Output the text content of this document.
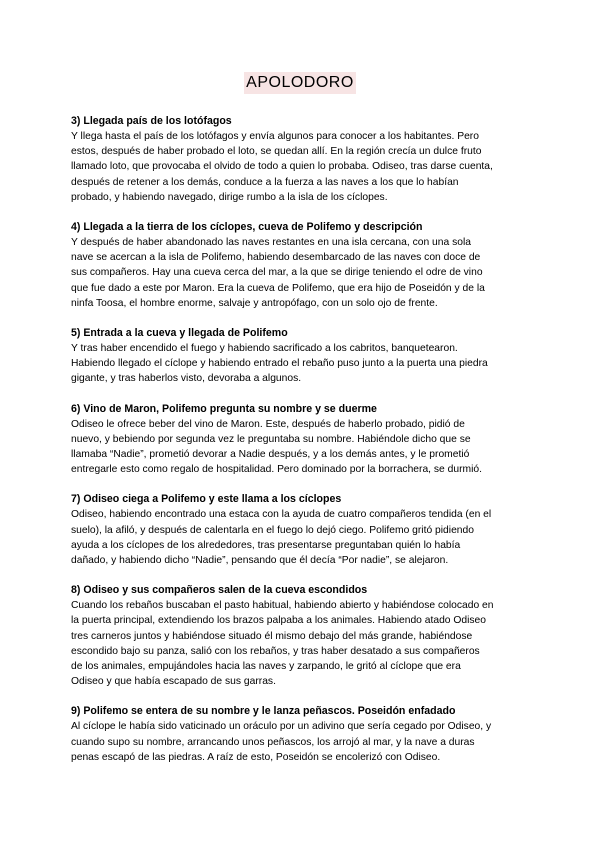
APOLODORO
3) Llegada país de los lotófagos
Y llega hasta el país de los lotófagos y envía algunos para conocer a los habitantes. Pero
estos, después de haber probado el loto, se quedan allí. En la región crecía un dulce fruto
llamado loto, que provocaba el olvido de todo a quien lo probaba. Odiseo, tras darse cuenta,
después de retener a los demás, conduce a la fuerza a las naves a los que lo habían
probado, y habiendo navegado, dirige rumbo a la isla de los cíclopes.
4) Llegada a la tierra de los cíclopes, cueva de Polifemo y descripción
Y después de haber abandonado las naves restantes en una isla cercana, con una sola
nave se acercan a la isla de Polifemo, habiendo desembarcado de las naves con doce de
sus compañeros. Hay una cueva cerca del mar, a la que se dirige teniendo el odre de vino
que fue dado a este por Maron. Era la cueva de Polifemo, que era hijo de Poseidón y de la
ninfa Toosa, el hombre enorme, salvaje y antropófago, con un solo ojo de frente.
5) Entrada a la cueva y llegada de Polifemo
Y tras haber encendido el fuego y habiendo sacrificado a los cabritos, banquetearon.
Habiendo llegado el cíclope y habiendo entrado el rebaño puso junto a la puerta una piedra
gigante, y tras haberlos visto, devoraba a algunos.
6) Vino de Maron, Polifemo pregunta su nombre y se duerme
Odiseo le ofrece beber del vino de Maron. Este, después de haberlo probado, pidió de
nuevo, y bebiendo por segunda vez le preguntaba su nombre. Habiéndole dicho que se
llamaba “Nadie”, prometió devorar a Nadie después, y a los demás antes, y le prometió
entregarle esto como regalo de hospitalidad. Pero dominado por la borrachera, se durmió.
7) Odiseo ciega a Polifemo y este llama a los cíclopes
Odiseo, habiendo encontrado una estaca con la ayuda de cuatro compañeros tendida (en el
suelo), la afiló, y después de calentarla en el fuego lo dejó ciego. Polifemo gritó pidiendo
ayuda a los cíclopes de los alrededores, tras presentarse preguntaban quién lo había
dañado, y habiendo dicho “Nadie”, pensando que él decía “Por nadie”, se alejaron.
8) Odiseo y sus compañeros salen de la cueva escondidos
Cuando los rebaños buscaban el pasto habitual, habiendo abierto y habiéndose colocado en
la puerta principal, extendiendo los brazos palpaba a los animales. Habiendo atado Odiseo
tres carneros juntos y habiéndose situado él mismo debajo del más grande, habiéndose
escondido bajo su panza, salió con los rebaños, y tras haber desatado a sus compañeros
de los animales, empujándoles hacia las naves y zarpando, le gritó al cíclope que era
Odiseo y que había escapado de sus garras.
9) Polifemo se entera de su nombre y le lanza peñascos. Poseidón enfadado
Al cíclope le había sido vaticinado un oráculo por un adivino que sería cegado por Odiseo, y
cuando supo su nombre, arrancando unos peñascos, los arrojó al mar, y la nave a duras
penas escapó de las piedras. A raíz de esto, Poseidón se encolerizó con Odiseo.
